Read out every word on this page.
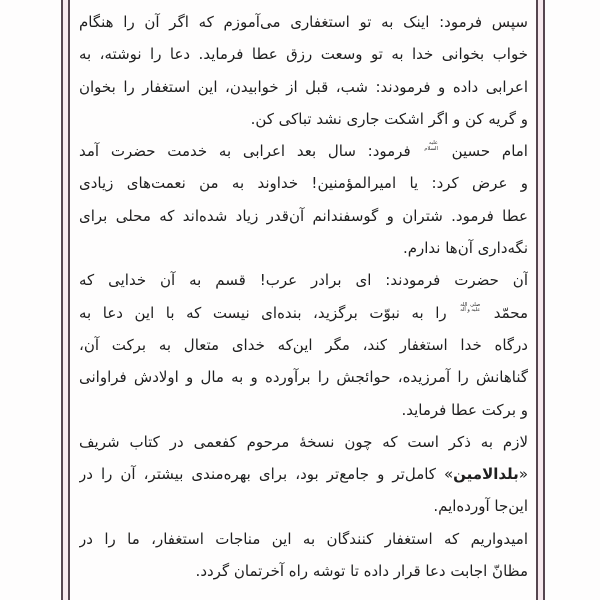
سپس فرمود: اینک به تو استغفاری می‌آموزم که اگر آن را هنگام
خواب بخوانی خدا به تو وسعت رزق عطا فرماید. دعا را نوشته، به
اعرابی داده و فرمودند: شب، قبل از خوابیدن، این استغفار را بخوان
و گریه کن و اگر اشکت جاری نشد تباکی کن.
امام حسین
علیه
السلام
فرمود: سال بعد اعرابی به خدمت حضرت آمد
و عرض کرد: یا امیرالمؤمنین! خداوند به من نعمت‌های زیادی
عطا فرمود. شتران و گوسفندانم آن‌قدر زیاد شده‌اند که محلی برای
نگه‌داری آن‌ها ندارم.
آن حضرت فرمودند: ای برادر عرب! قسم به آن خدایی که
محمّد
صلی الله
علیه و آله
را به نبوّت برگزید، بنده‌ای نیست که با این دعا به
درگاه خدا استغفار کند، مگر این‌که خدای متعال به برکت آن،
گناهانش را آمرزیده، حوائجش را برآورده و به مال و اولادش فراوانی
و برکت عطا فرماید.
لازم به ذکر است که چون نسخهٔ مرحوم کفعمی در کتاب شریف
«بلدالامین» کامل‌تر و جامع‌تر بود، برای بهره‌مندی بیشتر، آن را در
این‌جا آورده‌ایم.
امیدواریم که استغفار کنندگان به این مناجات استغفار، ما را در
مظانّ اجابت دعا قرار داده تا توشه راه آخرتمان گردد.
